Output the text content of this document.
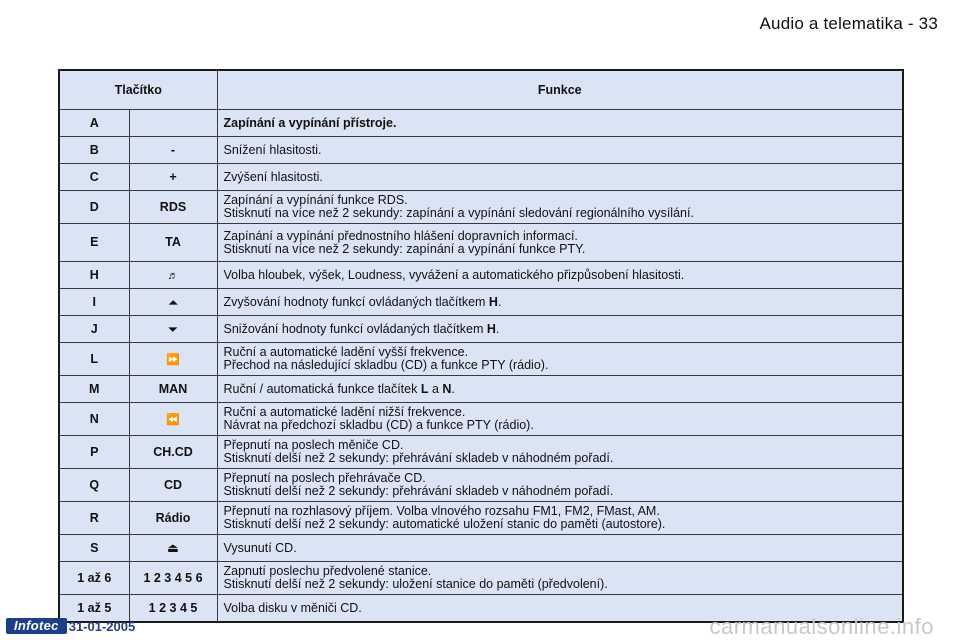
Audio a telematika - 33
Tlačítko		Funkce
A		Zapínání a vypínání přístroje.

B	-	Snížení hlasitosti.

C	+	Zvýšení hlasitosti.

D	RDS	Zapínání a vypínání funkce RDS.
Stisknutí na více než 2 sekundy: zapínání a vypínání sledování regionálního vysílání.

E	TA	Zapínání a vypínání přednostního hlášení dopravních informací.
Stisknutí na více než 2 sekundy: zapínání a vypínání funkce PTY.

H	♬	Volba hloubek, výšek, Loudness, vyvážení a automatického přizpůsobení hlasitosti.

I	⏶	Zvyšování hodnoty funkcí ovládaných tlačítkem H.

J	⏷	Snižování hodnoty funkcí ovládaných tlačítkem H.

L	⏩	Ruční a automatické ladění vyšší frekvence.
Přechod na následující skladbu (CD) a funkce PTY (rádio).

M	MAN	Ruční / automatická funkce tlačítek L a N.

N	⏪	Ruční a automatické ladění nižší frekvence.
Návrat na předchozí skladbu (CD) a funkce PTY (rádio).

P	CH.CD	Přepnutí na poslech měniče CD.
Stisknutí delší než 2 sekundy: přehrávání skladeb v náhodném pořadí.

Q	CD	Přepnutí na poslech přehrávače CD.
Stisknutí delší než 2 sekundy: přehrávání skladeb v náhodném pořadí.

R	Rádio	Přepnutí na rozhlasový příjem. Volba vlnového rozsahu FM1, FM2, FMast, AM.
Stisknutí delší než 2 sekundy: automatické uložení stanic do paměti (autostore).

S	⏏	Vysunutí CD.

1 až 6	1 2 3 4 5 6	Zapnutí poslechu předvolené stanice.
Stisknutí delší než 2 sekundy: uložení stanice do paměti (předvolení).

1 až 5	1 2 3 4 5	Volba disku v měniči CD.
Infotec 31-01-2005	carmanualsonline.info
